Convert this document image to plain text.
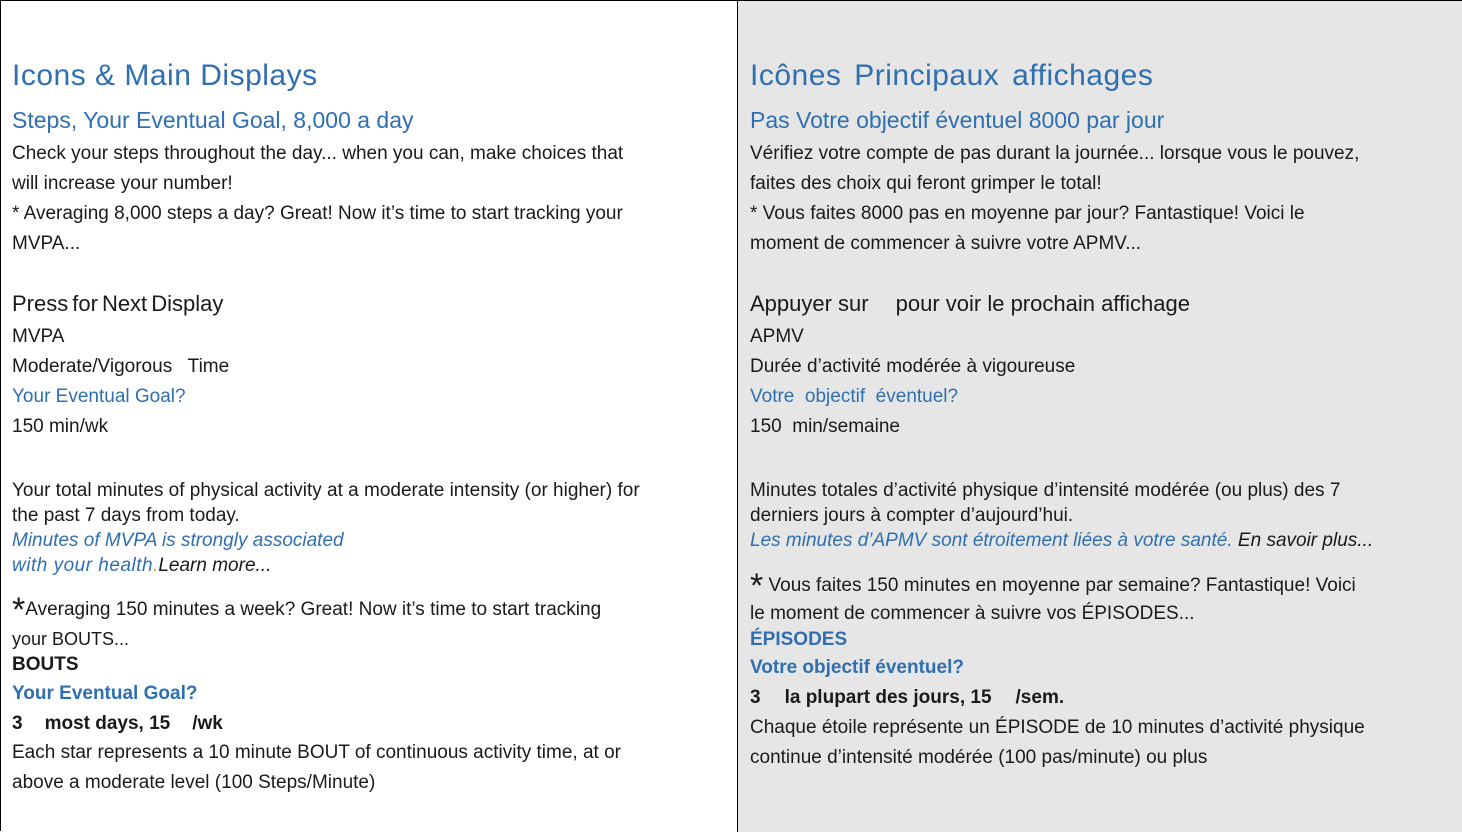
Icons & Main Displays
Steps, Your Eventual Goal, 8,000 a day
Check your steps throughout the day... when you can, make choices that
will increase your number!
* Averaging 8,000 steps a day? Great! Now it’s time to start tracking your
MVPA...
Press for Next Display
MVPA
Moderate/Vigorous   Time
Your Eventual Goal?
150 min/wk
Your total minutes of physical activity at a moderate intensity (or higher) for
the past 7 days from today.
Minutes of MVPA is strongly associated
with your health.Learn more...
*Averaging 150 minutes a week? Great! Now it’s time to start tracking
your BOUTS...
BOUTS
Your Eventual Goal?
3 most days, 15 /wk
Each star represents a 10 minute BOUT of continuous activity time, at or
above a moderate level (100 Steps/Minute)
Icônes Principaux affichages
Pas Votre objectif éventuel 8000 par jour
Vérifiez votre compte de pas durant la journée... lorsque vous le pouvez,
faites des choix qui feront grimper le total!
* Vous faites 8000 pas en moyenne par jour? Fantastique! Voici le
moment de commencer à suivre votre APMV...
Appuyer sur pour voir le prochain affichage
APMV
Durée d’activité modérée à vigoureuse
Votre  objectif  éventuel?
150  min/semaine
Minutes totales d’activité physique d’intensité modérée (ou plus) des 7
derniers jours à compter d’aujourd’hui.
Les minutes d’APMV sont étroitement liées à votre santé. En savoir plus...
* Vous faites 150 minutes en moyenne par semaine? Fantastique! Voici
le moment de commencer à suivre vos ÉPISODES...
ÉPISODES
Votre objectif éventuel?
3 la plupart des jours, 15 /sem.
Chaque étoile représente un ÉPISODE de 10 minutes d’activité physique
continue d’intensité modérée (100 pas/minute) ou plus
